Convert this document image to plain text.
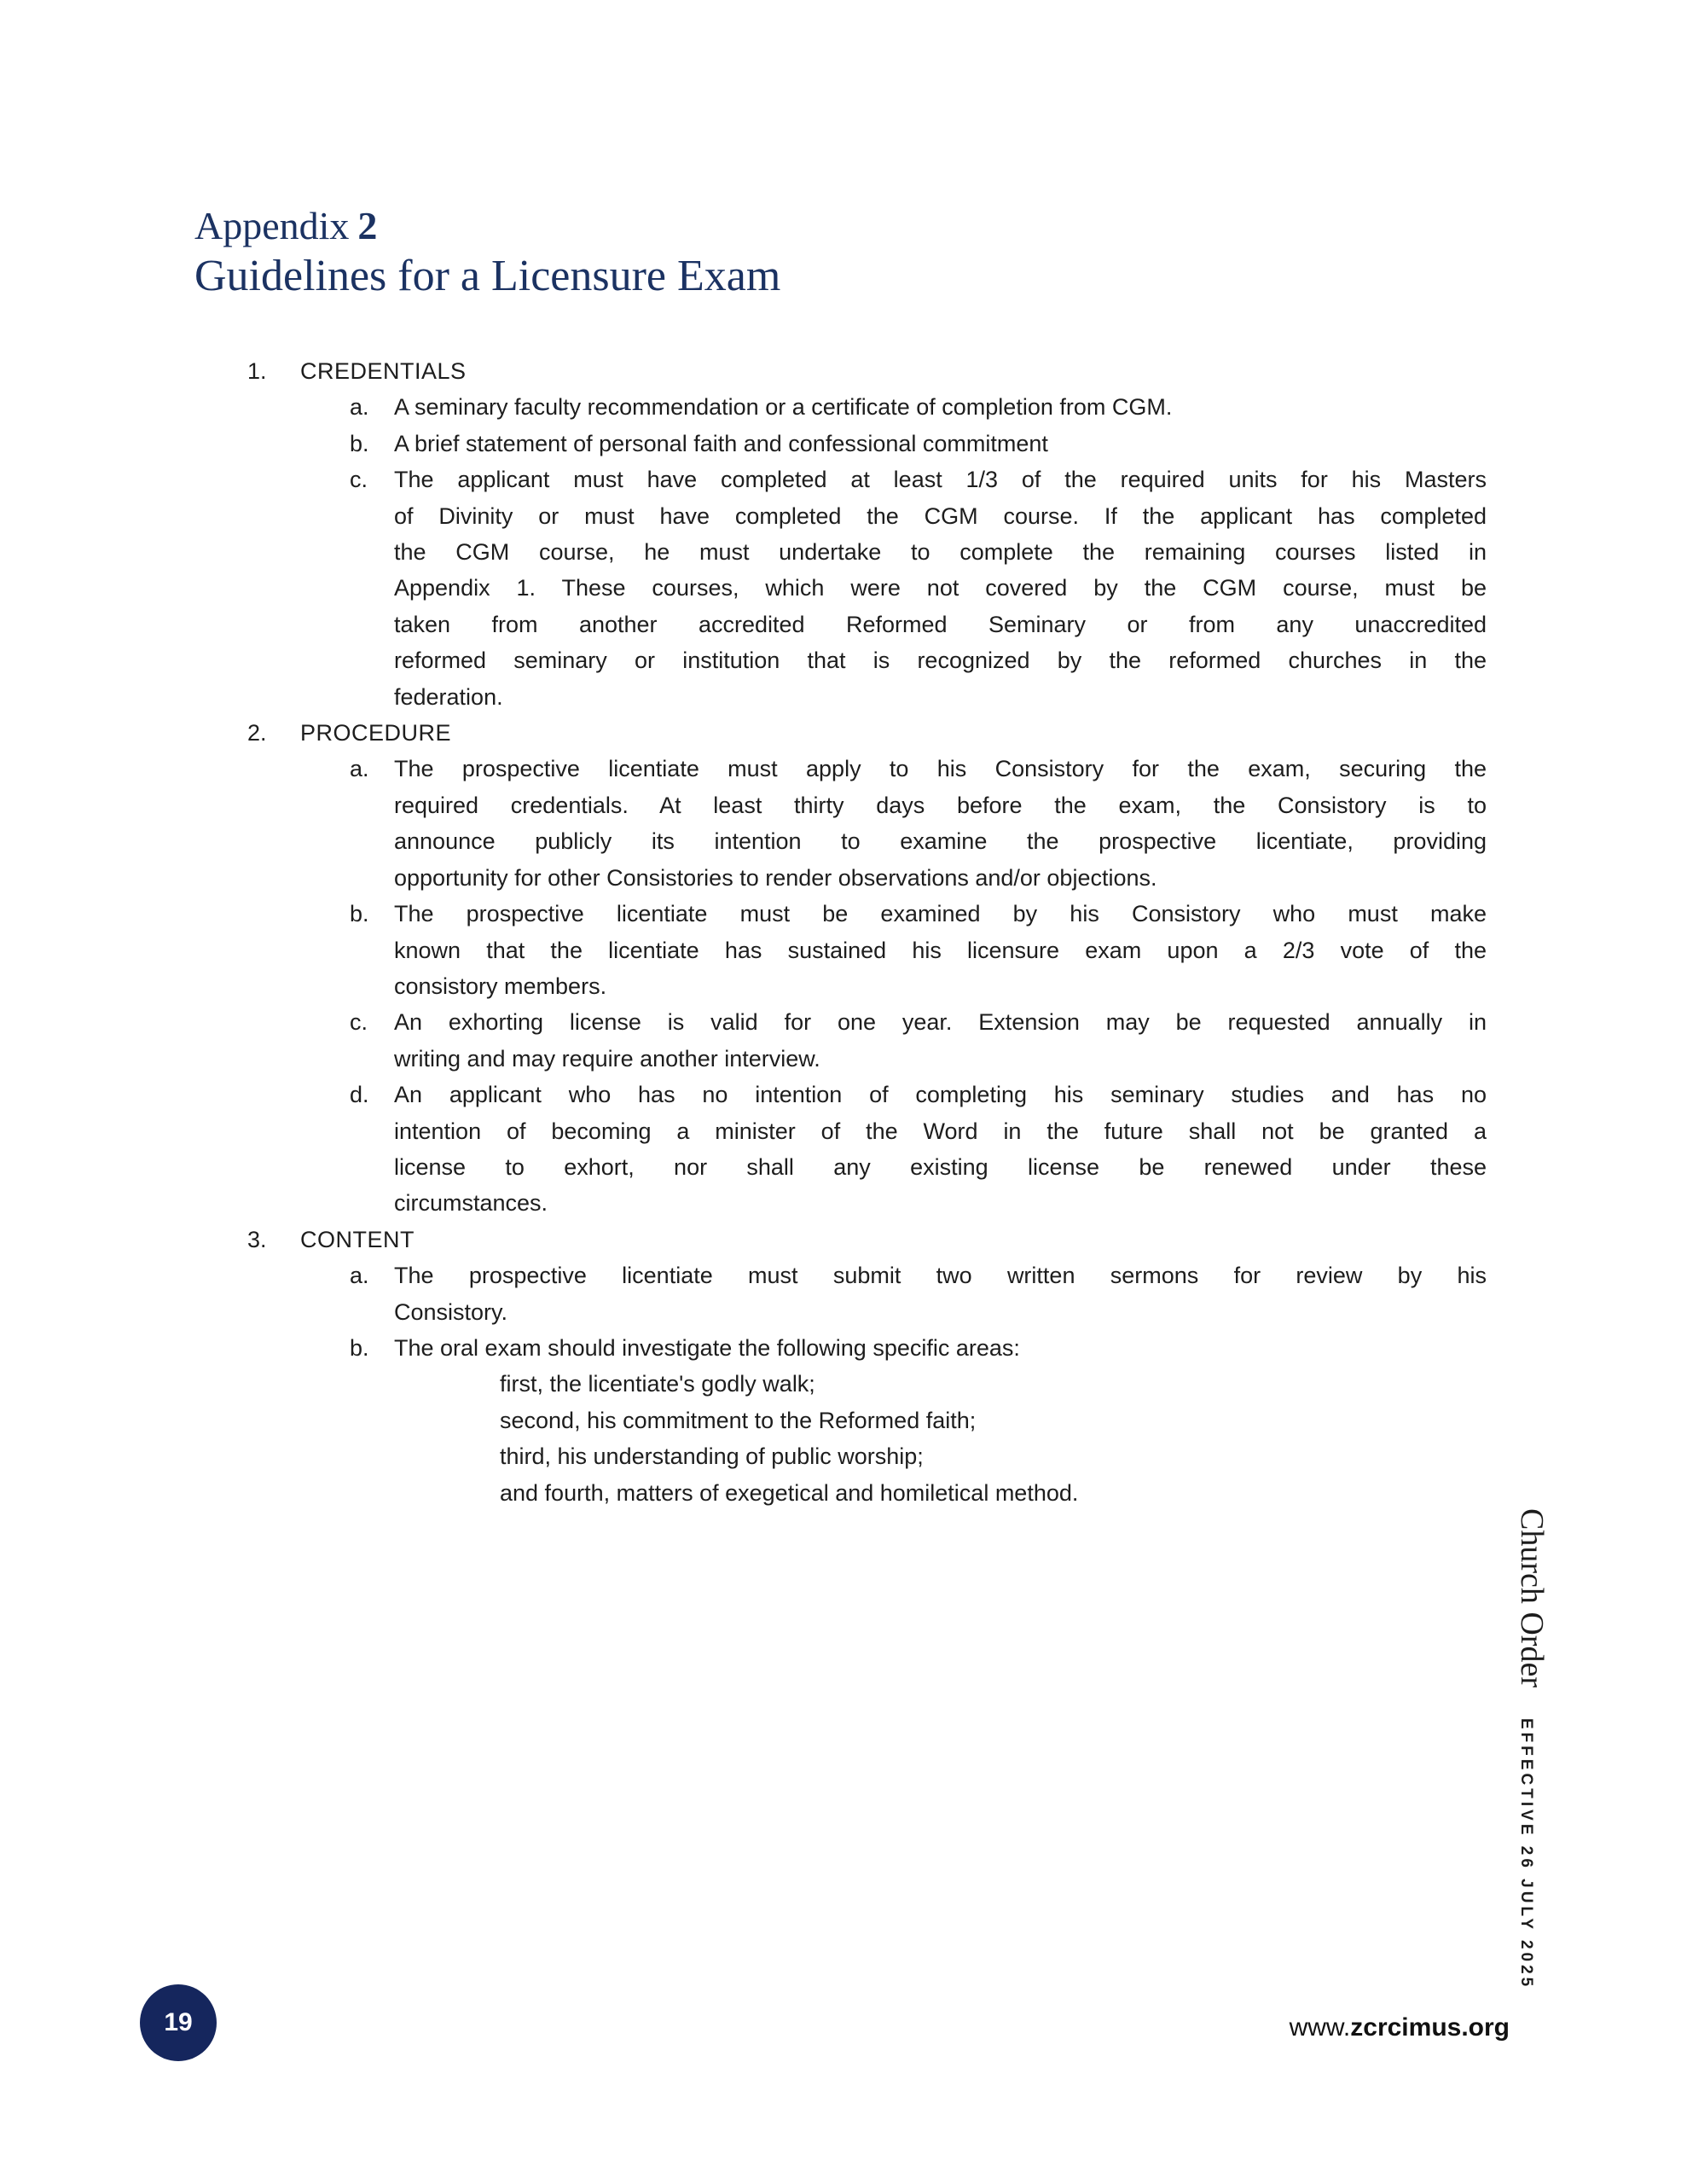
Appendix 2
Guidelines for a Licensure Exam
1.	CREDENTIALS
a.	A seminary faculty recommendation or a certificate of completion from CGM.
b.	A brief statement of personal faith and confessional commitment
c.	The applicant must have completed at least 1/3 of the required units for his Masters
of Divinity or must have completed the CGM course. If the applicant has completed
the CGM course, he must undertake to complete the remaining courses listed in
Appendix 1. These courses, which were not covered by the CGM course, must be
taken from another accredited Reformed Seminary or from any unaccredited
reformed seminary or institution that is recognized by the reformed churches in the
federation.
2.	PROCEDURE
a.	The prospective licentiate must apply to his Consistory for the exam, securing the
required credentials. At least thirty days before the exam, the Consistory is to
announce publicly its intention to examine the prospective licentiate, providing
opportunity for other Consistories to render observations and/or objections.
b.	The prospective licentiate must be examined by his Consistory who must make
known that the licentiate has sustained his licensure exam upon a 2/3 vote of the
consistory members.
c.	An exhorting license is valid for one year. Extension may be requested annually in
writing and may require another interview.
d.	An applicant who has no intention of completing his seminary studies and has no
intention of becoming a minister of the Word in the future shall not be granted a
license to exhort, nor shall any existing license be renewed under these
circumstances.
3.	CONTENT
a.	The prospective licentiate must submit two written sermons for review by his
Consistory.
b.	The oral exam should investigate the following specific areas:
first, the licentiate's godly walk;
second, his commitment to the Reformed faith;
third, his understanding of public worship;
and fourth, matters of exegetical and homiletical method.
Church OrderEFFECTIVE 26 JULY 2025
19	www.zcrcimus.org
